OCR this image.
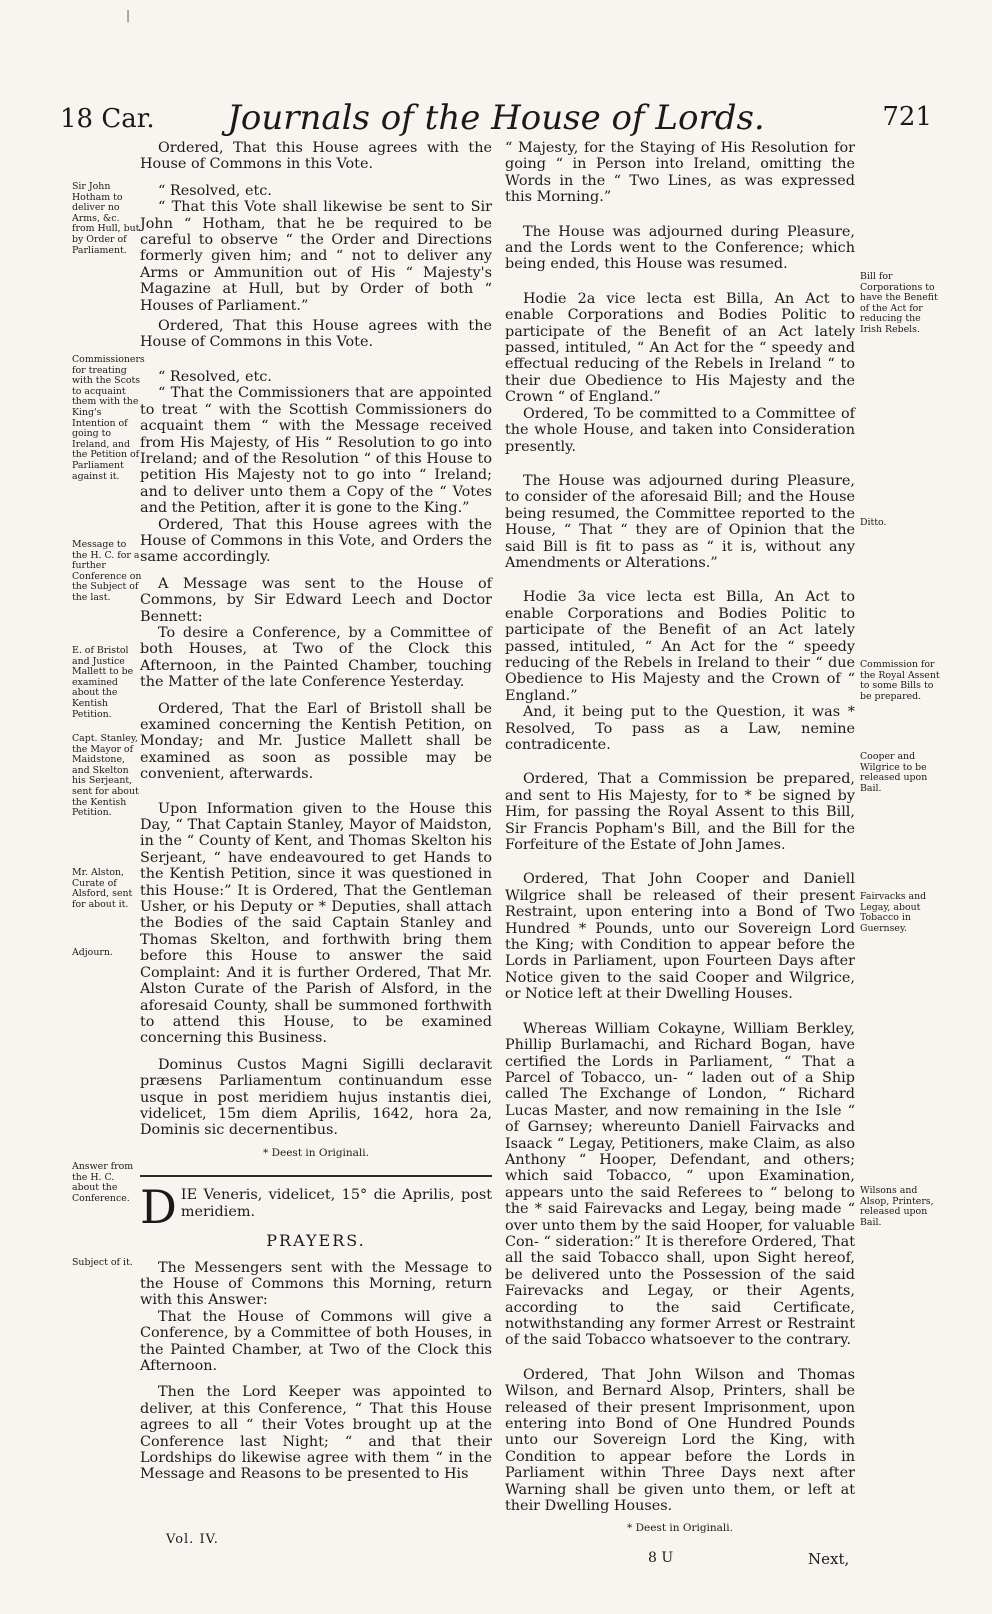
|
18 Car.	Journals of the House of Lords.	721
Sir John Hotham to deliver no Arms, &c. from Hull, but by Order of Parliament.
Commissioners for treating with the Scots to acquaint them with the King's Intention of going to Ireland, and the Petition of Parliament against it.
Message to the H. C. for a further Conference on the Subject of the last.
E. of Bristol and Justice Mallett to be examined about the Kentish Petition.
Capt. Stanley, the Mayor of Maidstone, and Skelton his Serjeant, sent for about the Kentish Petition.
Mr. Alston, Curate of Alsford, sent for about it.
Adjourn.
Answer from the H. C. about the Conference.
Subject of it.
Bill for Corporations to have the Benefit of the Act for reducing the Irish Rebels.
Ditto.
Commission for the Royal Assent to some Bills to be prepared.
Cooper and Wilgrice to be released upon Bail.
Fairvacks and Legay, about Tobacco in Guernsey.
Wilsons and Alsop, Printers, released upon Bail.

Ordered, That this House agrees with the House of Commons in this Vote.

“ Resolved, etc.

“ That this Vote shall likewise be sent to Sir John “ Hotham, that he be required to be careful to observe “ the Order and Directions formerly given him; and “ not to deliver any Arms or Ammunition out of His “ Majesty's Magazine at Hull, but by Order of both “ Houses of Parliament.”

Ordered, That this House agrees with the House of Commons in this Vote.

“ Resolved, etc.

“ That the Commissioners that are appointed to treat “ with the Scottish Commissioners do acquaint them “ with the Message received from His Majesty, of His “ Resolution to go into Ireland; and of the Resolution “ of this House to petition His Majesty not to go into “ Ireland; and to deliver unto them a Copy of the “ Votes and the Petition, after it is gone to the King.”

Ordered, That this House agrees with the House of Commons in this Vote, and Orders the same accordingly.

A Message was sent to the House of Commons, by Sir Edward Leech and Doctor Bennett:

To desire a Conference, by a Committee of both Houses, at Two of the Clock this Afternoon, in the Painted Chamber, touching the Matter of the late Conference Yesterday.

Ordered, That the Earl of Bristoll shall be examined concerning the Kentish Petition, on Monday; and Mr. Justice Mallett shall be examined as soon as possible may be convenient, afterwards.

Upon Information given to the House this Day, “ That Captain Stanley, Mayor of Maidston, in the “ County of Kent, and Thomas Skelton his Serjeant, “ have endeavoured to get Hands to the Kentish Petition, since it was questioned in this House:” It is Ordered, That the Gentleman Usher, or his Deputy or * Deputies, shall attach the Bodies of the said Captain Stanley and Thomas Skelton, and forthwith bring them before this House to answer the said Complaint: And it is further Ordered, That Mr. Alston Curate of the Parish of Alsford, in the aforesaid County, shall be summoned forthwith to attend this House, to be examined concerning this Business.

Dominus Custos Magni Sigilli declaravit præsens Parliamentum continuandum esse usque in post meridiem hujus instantis diei, videlicet, 15m diem Aprilis, 1642, hora 2a, Dominis sic decernentibus.

* Deest in Originali.

D IE Veneris, videlicet, 15° die Aprilis, post meridiem.

PRAYERS.

The Messengers sent with the Message to the House of Commons this Morning, return with this Answer:

That the House of Commons will give a Conference, by a Committee of both Houses, in the Painted Chamber, at Two of the Clock this Afternoon.

Then the Lord Keeper was appointed to deliver, at this Conference, “ That this House agrees to all “ their Votes brought up at the Conference last Night; “ and that their Lordships do likewise agree with them “ in the Message and Reasons to be presented to His

“ Majesty, for the Staying of His Resolution for going “ in Person into Ireland, omitting the Words in the “ Two Lines, as was expressed this Morning.”

The House was adjourned during Pleasure, and the Lords went to the Conference; which being ended, this House was resumed.

Hodie 2a vice lecta est Billa, An Act to enable Corporations and Bodies Politic to participate of the Benefit of an Act lately passed, intituled, “ An Act for the “ speedy and effectual reducing of the Rebels in Ireland “ to their due Obedience to His Majesty and the Crown “ of England.”

Ordered, To be committed to a Committee of the whole House, and taken into Consideration presently.

The House was adjourned during Pleasure, to consider of the aforesaid Bill; and the House being resumed, the Committee reported to the House, “ That “ they are of Opinion that the said Bill is fit to pass as “ it is, without any Amendments or Alterations.”

Hodie 3a vice lecta est Billa, An Act to enable Corporations and Bodies Politic to participate of the Benefit of an Act lately passed, intituled, “ An Act for the “ speedy reducing of the Rebels in Ireland to their “ due Obedience to His Majesty and the Crown of “ England.”

And, it being put to the Question, it was * Resolved, To pass as a Law, nemine contradicente.

Ordered, That a Commission be prepared, and sent to His Majesty, for to * be signed by Him, for passing the Royal Assent to this Bill, Sir Francis Popham's Bill, and the Bill for the Forfeiture of the Estate of John James.

Ordered, That John Cooper and Daniell Wilgrice shall be released of their present Restraint, upon entering into a Bond of Two Hundred * Pounds, unto our Sovereign Lord the King; with Condition to appear before the Lords in Parliament, upon Fourteen Days after Notice given to the said Cooper and Wilgrice, or Notice left at their Dwelling Houses.

Whereas William Cokayne, William Berkley, Phillip Burlamachi, and Richard Bogan, have certified the Lords in Parliament, “ That a Parcel of Tobacco, un- “ laden out of a Ship called The Exchange of London, “ Richard Lucas Master, and now remaining in the Isle “ of Garnsey; whereunto Daniell Fairvacks and Isaack “ Legay, Petitioners, make Claim, as also Anthony “ Hooper, Defendant, and others; which said Tobacco, “ upon Examination, appears unto the said Referees to “ belong to the * said Fairevacks and Legay, being made “ over unto them by the said Hooper, for valuable Con- “ sideration:” It is therefore Ordered, That all the said Tobacco shall, upon Sight hereof, be delivered unto the Possession of the said Fairevacks and Legay, or their Agents, according to the said Certificate, notwithstanding any former Arrest or Restraint of the said Tobacco whatsoever to the contrary.

Ordered, That John Wilson and Thomas Wilson, and Bernard Alsop, Printers, shall be released of their present Imprisonment, upon entering into Bond of One Hundred Pounds unto our Sovereign Lord the King, with Condition to appear before the Lords in Parliament within Three Days next after Warning shall be given unto them, or left at their Dwelling Houses.

* Deest in Originali.

Vol. IV.
8 U	Next,
